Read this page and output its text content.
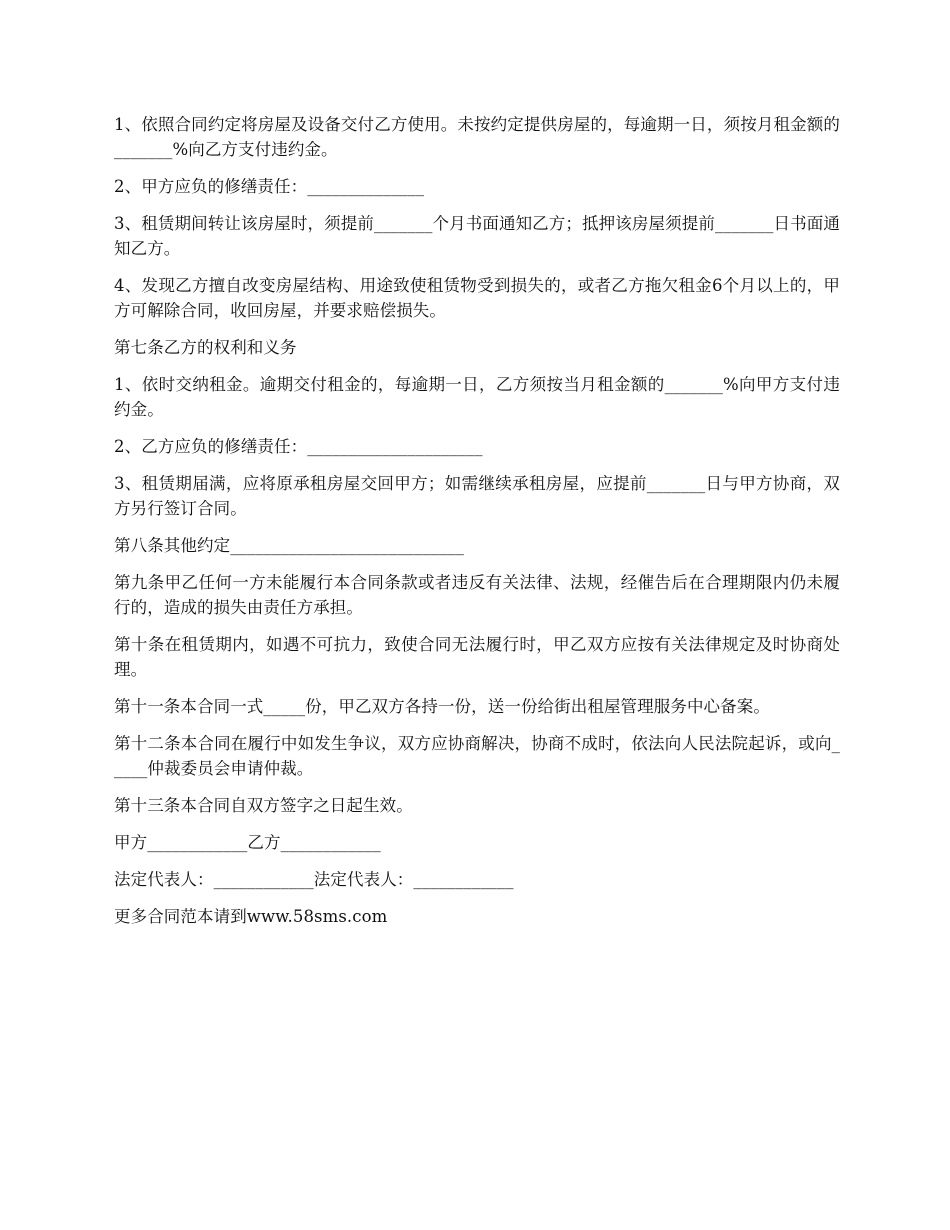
1、依照合同约定将房屋及设备交付乙方使用。未按约定提供房屋的，每逾期一日，须按月租金额的_______%向乙方支付违约金。

2、甲方应负的修缮责任：______________

3、租赁期间转让该房屋时，须提前_______个月书面通知乙方；抵押该房屋须提前_______日书面通知乙方。

4、发现乙方擅自改变房屋结构、用途致使租赁物受到损失的，或者乙方拖欠租金6个月以上的，甲方可解除合同，收回房屋，并要求赔偿损失。

第七条乙方的权利和义务

1、依时交纳租金。逾期交付租金的，每逾期一日，乙方须按当月租金额的_______%向甲方支付违约金。

2、乙方应负的修缮责任：_____________________

3、租赁期届满，应将原承租房屋交回甲方；如需继续承租房屋，应提前_______日与甲方协商，双方另行签订合同。

第八条其他约定____________________________

第九条甲乙任何一方未能履行本合同条款或者违反有关法律、法规，经催告后在合理期限内仍未履行的，造成的损失由责任方承担。

第十条在租赁期内，如遇不可抗力，致使合同无法履行时，甲乙双方应按有关法律规定及时协商处理。

第十一条本合同一式_____份，甲乙双方各持一份，送一份给街出租屋管理服务中心备案。

第十二条本合同在履行中如发生争议，双方应协商解决，协商不成时，依法向人民法院起诉，或向_____仲裁委员会申请仲裁。

第十三条本合同自双方签字之日起生效。

甲方____________乙方____________

法定代表人：____________法定代表人：____________

更多合同范本请到www.58sms.com
